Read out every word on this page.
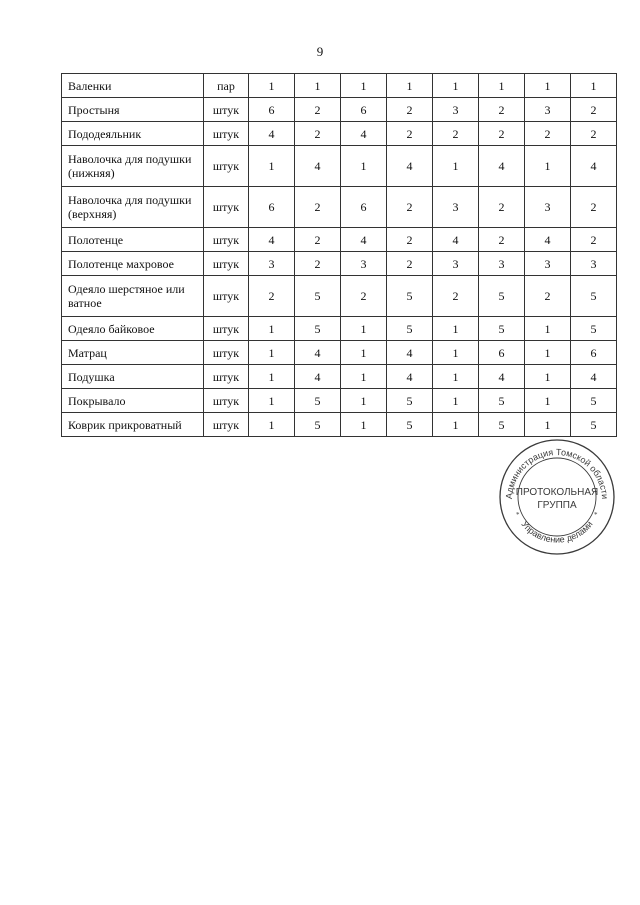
9
Валенки	пар	1	1	1	1	1	1	1	1
Простыня	штук	6	2	6	2	3	2	3	2
Пододеяльник	штук	4	2	4	2	2	2	2	2
Наволочка для подушки (нижняя)	штук	1	4	1	4	1	4	1	4
Наволочка для подушки (верхняя)	штук	6	2	6	2	3	2	3	2
Полотенце	штук	4	2	4	2	4	2	4	2
Полотенце махровое	штук	3	2	3	2	3	3	3	3
Одеяло шерстяное или ватное	штук	2	5	2	5	2	5	2	5
Одеяло байковое	штук	1	5	1	5	1	5	1	5
Матрац	штук	1	4	1	4	1	6	1	6
Подушка	штук	1	4	1	4	1	4	1	4
Покрывало	штук	1	5	1	5	1	5	1	5
Коврик прикроватный	штук	1	5	1	5	1	5	1	5
Администрация Томской области
Управление делами
ПРОТОКОЛЬНАЯ
ГРУППА
*	*
